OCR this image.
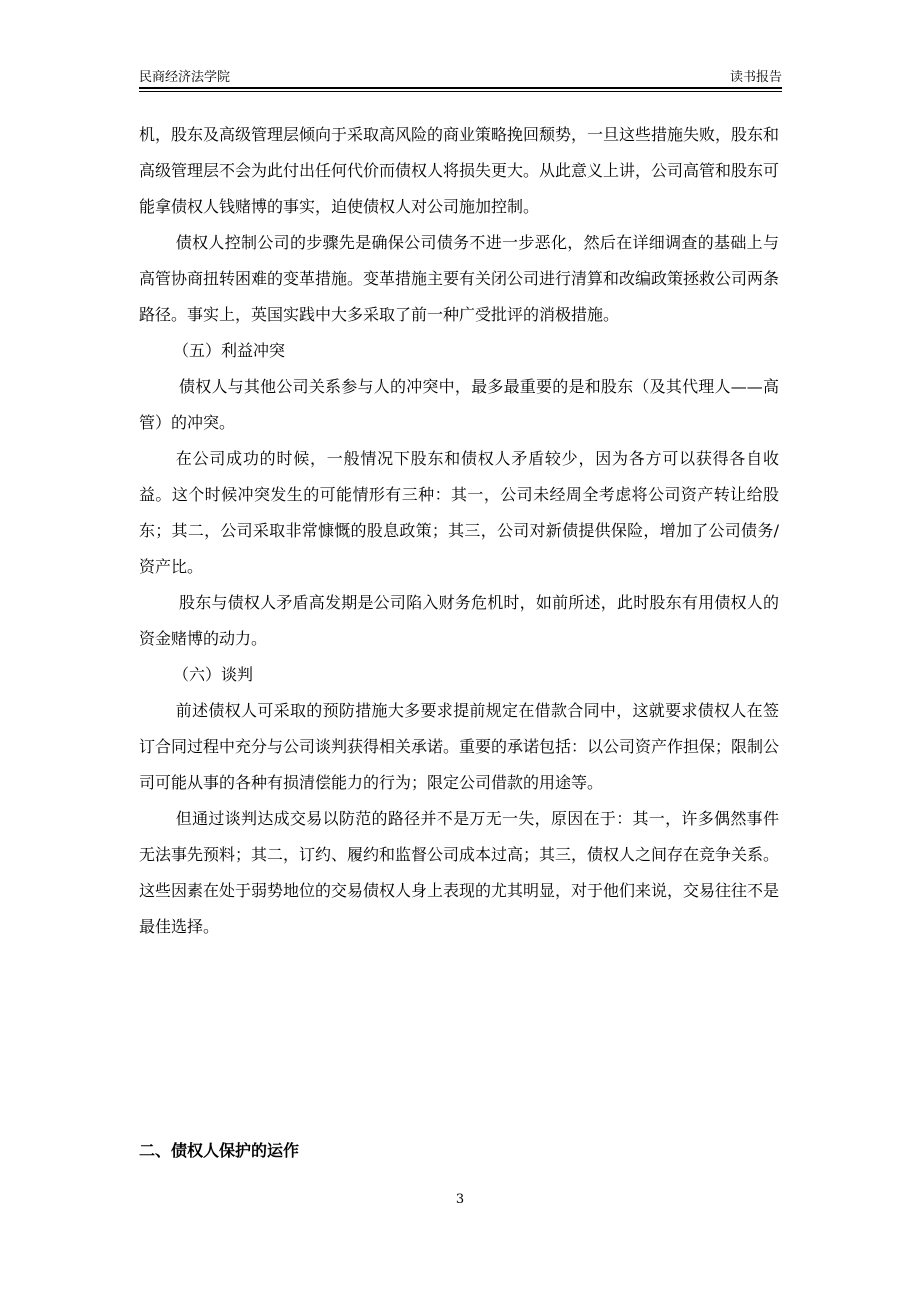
民商经济法学院	读书报告

机，股东及高级管理层倾向于采取高风险的商业策略挽回颓势，一旦这些措施失败，股东和高级管理层不会为此付出任何代价而债权人将损失更大。从此意义上讲，公司高管和股东可能拿债权人钱赌博的事实，迫使债权人对公司施加控制。

债权人控制公司的步骤先是确保公司债务不进一步恶化，然后在详细调查的基础上与高管协商扭转困难的变革措施。变革措施主要有关闭公司进行清算和改编政策拯救公司两条路径。事实上，英国实践中大多采取了前一种广受批评的消极措施。

（五）利益冲突

债权人与其他公司关系参与人的冲突中，最多最重要的是和股东（及其代理人——高管）的冲突。

在公司成功的时候，一般情况下股东和债权人矛盾较少，因为各方可以获得各自收益。这个时候冲突发生的可能情形有三种：其一，公司未经周全考虑将公司资产转让给股东；其二，公司采取非常慷慨的股息政策；其三，公司对新债提供保险，增加了公司债务/资产比。

股东与债权人矛盾高发期是公司陷入财务危机时，如前所述，此时股东有用债权人的资金赌博的动力。

（六）谈判

前述债权人可采取的预防措施大多要求提前规定在借款合同中，这就要求债权人在签订合同过程中充分与公司谈判获得相关承诺。重要的承诺包括：以公司资产作担保；限制公司可能从事的各种有损清偿能力的行为；限定公司借款的用途等。

但通过谈判达成交易以防范的路径并不是万无一失，原因在于：其一，许多偶然事件无法事先预料；其二，订约、履约和监督公司成本过高；其三，债权人之间存在竞争关系。这些因素在处于弱势地位的交易债权人身上表现的尤其明显，对于他们来说，交易往往不是最佳选择。

二、债权人保护的运作
3
